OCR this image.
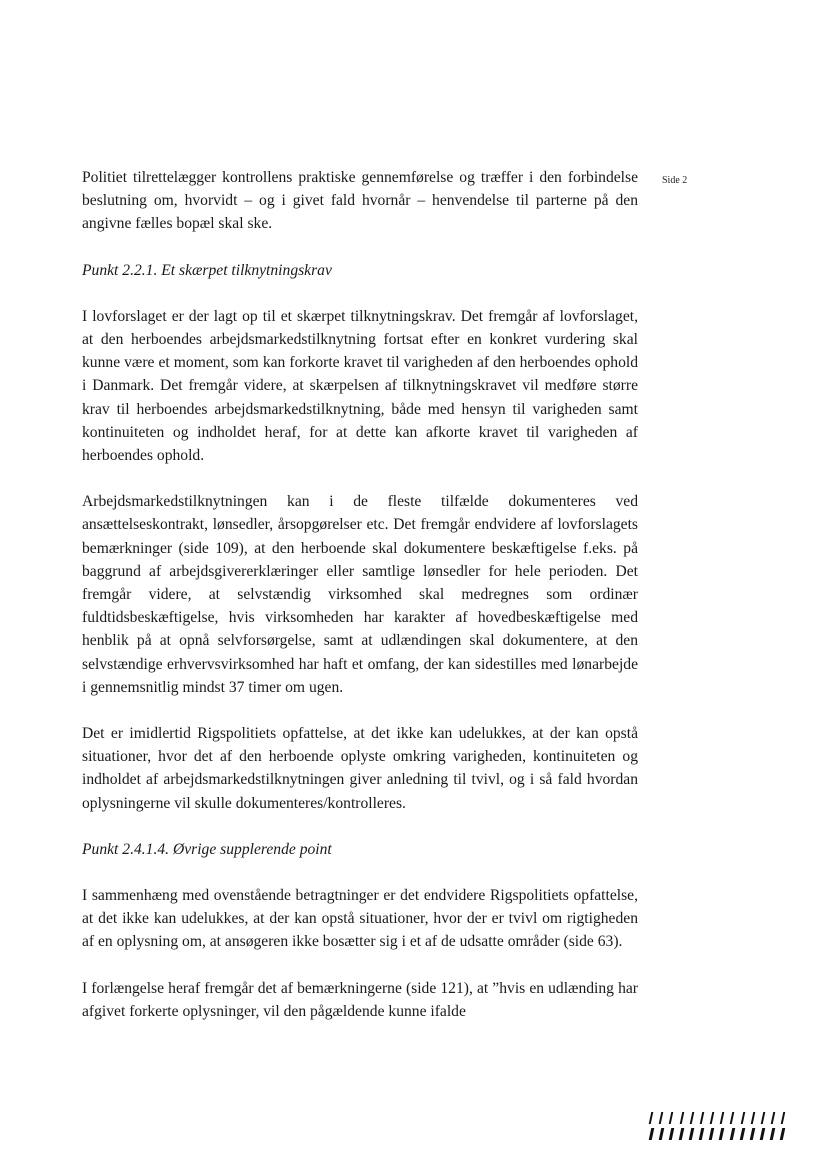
Side 2

Politiet tilrettelægger kontrollens praktiske gennemførelse og træffer i den forbindelse beslutning om, hvorvidt – og i givet fald hvornår – henvendelse til parterne på den angivne fælles bopæl skal ske.

Punkt 2.2.1. Et skærpet tilknytningskrav

I lovforslaget er der lagt op til et skærpet tilknytningskrav. Det fremgår af lovforslaget, at den herboendes arbejdsmarkedstilknytning fortsat efter en konkret vurdering skal kunne være et moment, som kan forkorte kravet til varigheden af den herboendes ophold i Danmark. Det fremgår videre, at skærpelsen af tilknytningskravet vil medføre større krav til herboendes arbejdsmarkedstilknytning, både med hensyn til varigheden samt kontinuiteten og indholdet heraf, for at dette kan afkorte kravet til varigheden af herboendes ophold.

Arbejdsmarkedstilknytningen kan i de fleste tilfælde dokumenteres ved ansættelseskontrakt, lønsedler, årsopgørelser etc. Det fremgår endvidere af lovforslagets bemærkninger (side 109), at den herboende skal dokumentere beskæftigelse f.eks. på baggrund af arbejdsgivererklæringer eller samtlige lønsedler for hele perioden. Det fremgår videre, at selvstændig virksomhed skal medregnes som ordinær fuldtidsbeskæftigelse, hvis virksomheden har karakter af hovedbeskæftigelse med henblik på at opnå selvforsørgelse, samt at udlændingen skal dokumentere, at den selvstændige erhvervsvirksomhed har haft et omfang, der kan sidestilles med lønarbejde i gennemsnitlig mindst 37 timer om ugen.

Det er imidlertid Rigspolitiets opfattelse, at det ikke kan udelukkes, at der kan opstå situationer, hvor det af den herboende oplyste omkring varigheden, kontinuiteten og indholdet af arbejdsmarkedstilknytningen giver anledning til tvivl, og i så fald hvordan oplysningerne vil skulle dokumenteres/kontrolleres.

Punkt 2.4.1.4. Øvrige supplerende point

I sammenhæng med ovenstående betragtninger er det endvidere Rigspolitiets opfattelse, at det ikke kan udelukkes, at der kan opstå situationer, hvor der er tvivl om rigtigheden af en oplysning om, at ansøgeren ikke bosætter sig i et af de udsatte områder (side 63).

I forlængelse heraf fremgår det af bemærkningerne (side 121), at ”hvis en udlænding har afgivet forkerte oplysninger, vil den pågældende kunne ifalde
